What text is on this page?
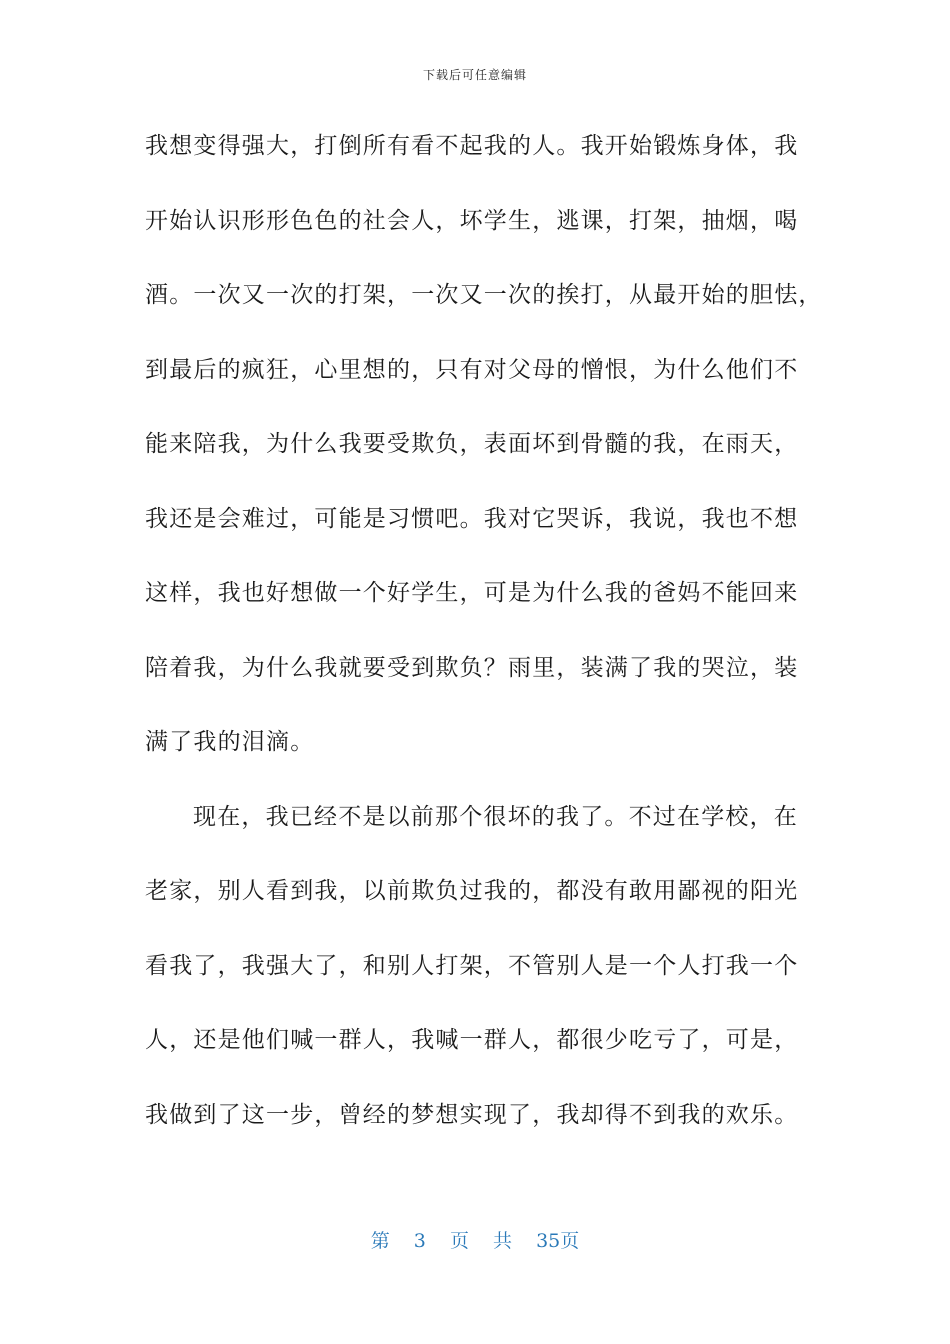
下载后可任意编辑
我想变得强大，打倒所有看不起我的人。我开始锻炼身体，我
开始认识形形色色的社会人，坏学生，逃课，打架，抽烟，喝
酒。一次又一次的打架，一次又一次的挨打，从最开始的胆怯，
到最后的疯狂，心里想的，只有对父母的憎恨，为什么他们不
能来陪我，为什么我要受欺负，表面坏到骨髓的我，在雨天，
我还是会难过，可能是习惯吧。我对它哭诉，我说，我也不想
这样，我也好想做一个好学生，可是为什么我的爸妈不能回来
陪着我，为什么我就要受到欺负？雨里，装满了我的哭泣，装
满了我的泪滴。
现在，我已经不是以前那个很坏的我了。不过在学校，在
老家，别人看到我，以前欺负过我的，都没有敢用鄙视的阳光
看我了，我强大了，和别人打架，不管别人是一个人打我一个
人，还是他们喊一群人，我喊一群人，都很少吃亏了，可是，
我做到了这一步，曾经的梦想实现了，我却得不到我的欢乐。
第 3 页 共 35页
